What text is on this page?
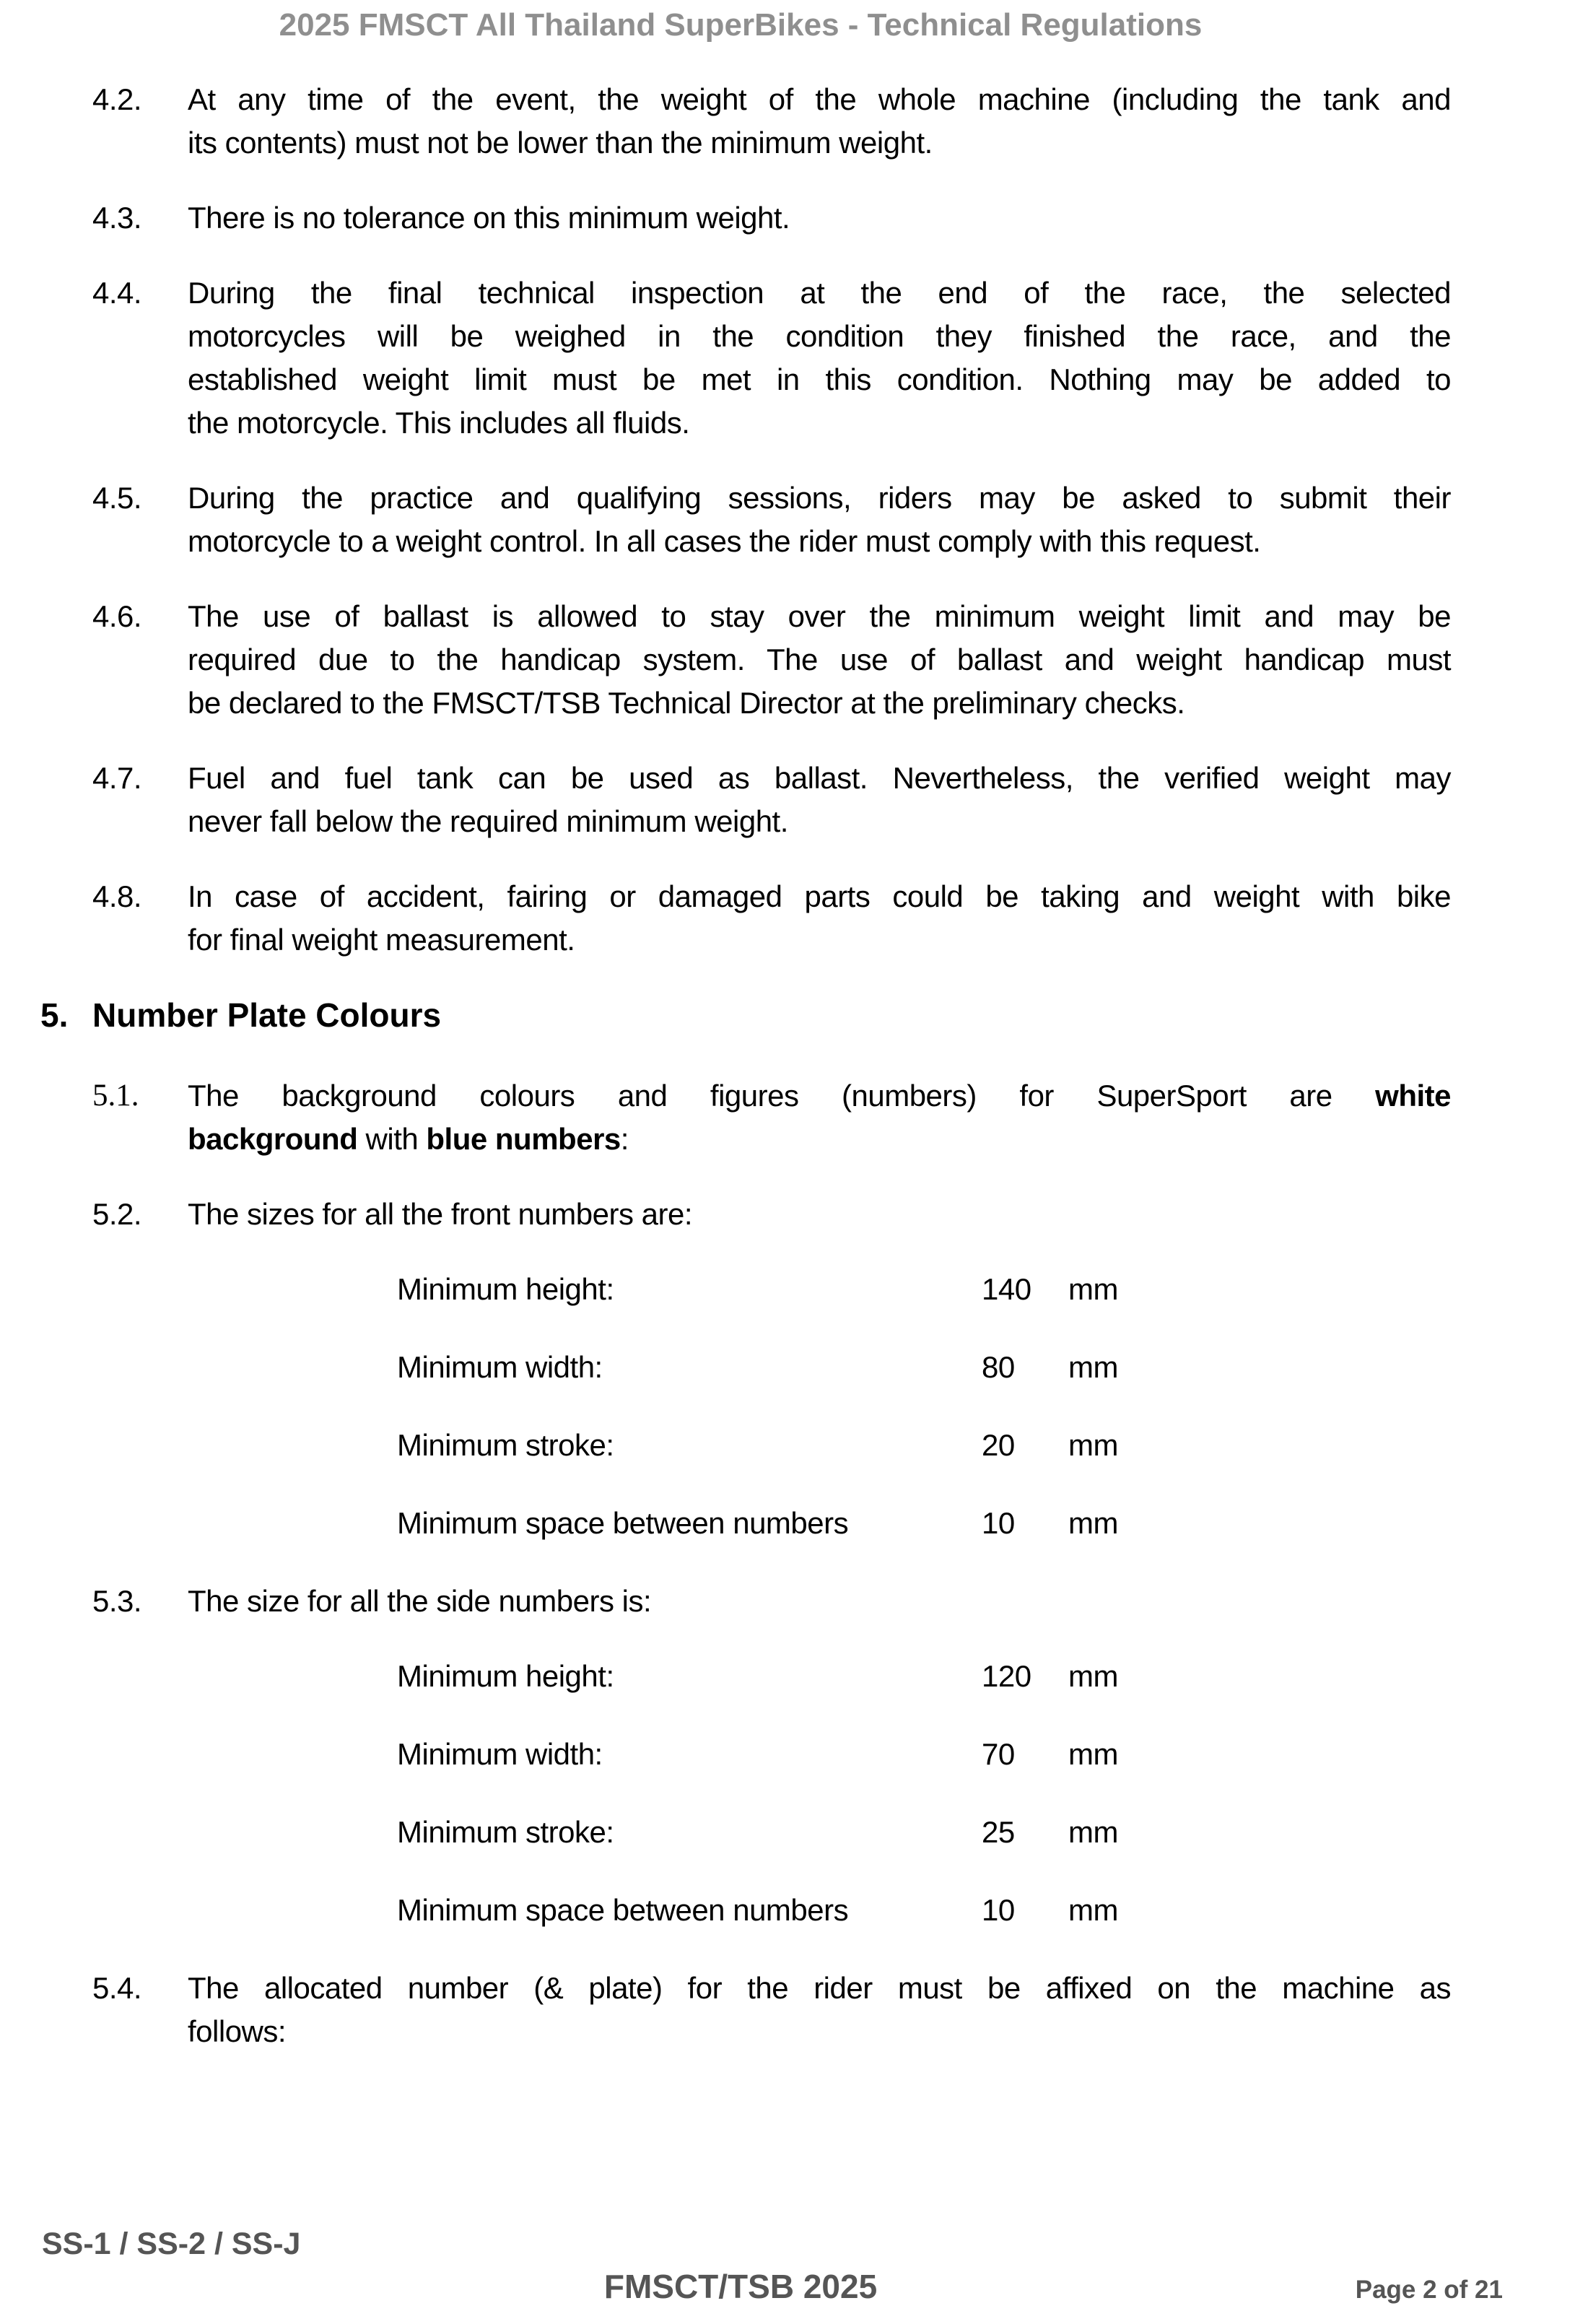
2025 FMSCT All Thailand SuperBikes - Technical Regulations
4.2.	At any time of the event, the weight of the whole machine (including the tank and
its contents) must not be lower than the minimum weight.
4.3.	There is no tolerance on this minimum weight.
4.4.	During the final technical inspection at the end of the race, the selected
motorcycles will be weighed in the condition they finished the race, and the
established weight limit must be met in this condition. Nothing may be added to
the motorcycle. This includes all fluids.
4.5.	During the practice and qualifying sessions, riders may be asked to submit their
motorcycle to a weight control. In all cases the rider must comply with this request.
4.6.	The use of ballast is allowed to stay over the minimum weight limit and may be
required due to the handicap system. The use of ballast and weight handicap must
be declared to the FMSCT/TSB Technical Director at the preliminary checks.
4.7.	Fuel and fuel tank can be used as ballast. Nevertheless, the verified weight may
never fall below the required minimum weight.
4.8.	In case of accident, fairing or damaged parts could be taking and weight with bike
for final weight measurement.
5. Number Plate Colours
5.1.	The background colours and figures (numbers) for SuperSport are white
background with blue numbers:
5.2.	The sizes for all the front numbers are:
Minimum height:	140	mm
Minimum width:	80	mm
Minimum stroke:	20	mm
Minimum space between numbers	10	mm
5.3.	The size for all the side numbers is:
Minimum height:	120	mm
Minimum width:	70	mm
Minimum stroke:	25	mm
Minimum space between numbers	10	mm
5.4.	The allocated number (& plate) for the rider must be affixed on the machine as
follows:
SS-1 / SS-2 / SS-J
FMSCT/TSB 2025	Page 2 of 21
